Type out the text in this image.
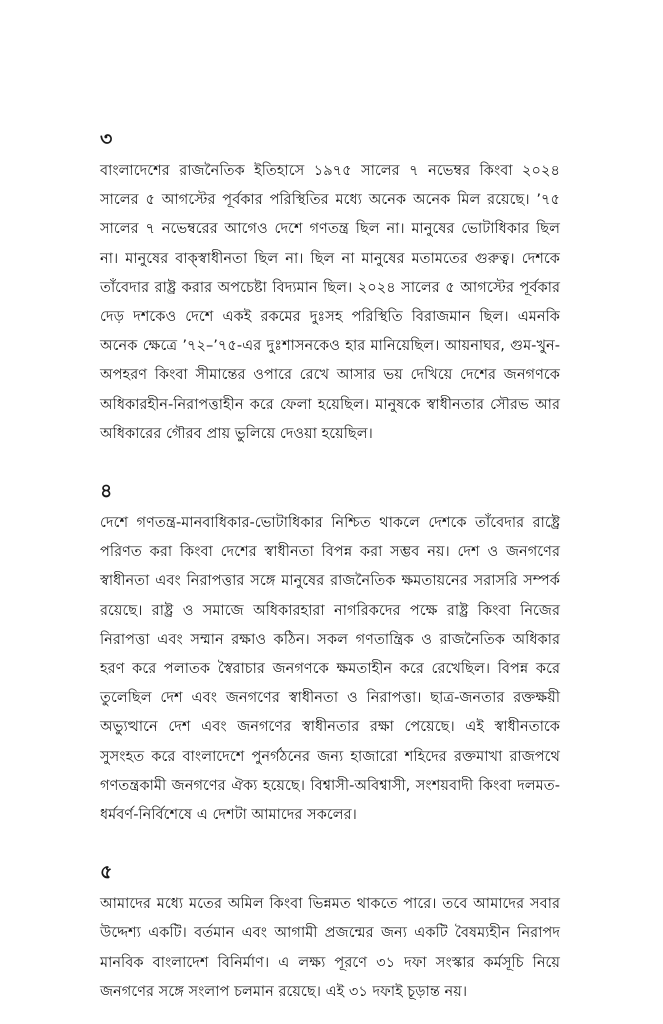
৩

বাংলাদেশের রাজনৈতিক ইতিহাসে ১৯৭৫ সালের ৭ নভেম্বর কিংবা ২০২৪ সালের ৫ আগস্টের পূর্বকার পরিস্থিতির মধ্যে অনেক অনেক মিল রয়েছে। ’৭৫ সালের ৭ নভেম্বরের আগেও দেশে গণতন্ত্র ছিল না। মানুষের ভোটাধিকার ছিল না। মানুষের বাক্‌স্বাধীনতা ছিল না। ছিল না মানুষের মতামতের গুরুত্ব। দেশকে তাঁবেদার রাষ্ট্র করার অপচেষ্টা বিদ্যমান ছিল। ২০২৪ সালের ৫ আগস্টের পূর্বকার দেড় দশকেও দেশে একই রকমের দুঃসহ পরিস্থিতি বিরাজমান ছিল। এমনকি অনেক ক্ষেত্রে ’৭২–’৭৫-এর দুঃশাসনকেও হার মানিয়েছিল। আয়নাঘর, গুম-খুন-অপহরণ কিংবা সীমান্তের ওপারে রেখে আসার ভয় দেখিয়ে দেশের জনগণকে অধিকারহীন-নিরাপত্তাহীন করে ফেলা হয়েছিল। মানুষকে স্বাধীনতার সৌরভ আর অধিকারের গৌরব প্রায় ভুলিয়ে দেওয়া হয়েছিল।

৪

দেশে গণতন্ত্র-মানবাধিকার-ভোটাধিকার নিশ্চিত থাকলে দেশকে তাঁবেদার রাষ্ট্রে পরিণত করা কিংবা দেশের স্বাধীনতা বিপন্ন করা সম্ভব নয়। দেশ ও জনগণের স্বাধীনতা এবং নিরাপত্তার সঙ্গে মানুষের রাজনৈতিক ক্ষমতায়নের সরাসরি সম্পর্ক রয়েছে। রাষ্ট্র ও সমাজে অধিকারহারা নাগরিকদের পক্ষে রাষ্ট্র কিংবা নিজের নিরাপত্তা এবং সম্মান রক্ষাও কঠিন। সকল গণতান্ত্রিক ও রাজনৈতিক অধিকার হরণ করে পলাতক স্বৈরাচার জনগণকে ক্ষমতাহীন করে রেখেছিল। বিপন্ন করে তুলেছিল দেশ এবং জনগণের স্বাধীনতা ও নিরাপত্তা। ছাত্র-জনতার রক্তক্ষয়ী অভ্যুত্থানে দেশ এবং জনগণের স্বাধীনতার রক্ষা পেয়েছে। এই স্বাধীনতাকে সুসংহত করে বাংলাদেশে পুনর্গঠনের জন্য হাজারো শহিদের রক্তমাখা রাজপথে গণতন্ত্রকামী জনগণের ঐক্য হয়েছে। বিশ্বাসী-অবিশ্বাসী, সংশয়বাদী কিংবা দলমত-ধর্মবর্ণ-নির্বিশেষে এ দেশটা আমাদের সকলের।

৫

আমাদের মধ্যে মতের অমিল কিংবা ভিন্নমত থাকতে পারে। তবে আমাদের সবার উদ্দেশ্য একটি। বর্তমান এবং আগামী প্রজন্মের জন্য একটি বৈষম্যহীন নিরাপদ মানবিক বাংলাদেশ বিনির্মাণ। এ লক্ষ্য পূরণে ৩১ দফা সংস্কার কর্মসূচি নিয়ে জনগণের সঙ্গে সংলাপ চলমান রয়েছে। এই ৩১ দফাই চূড়ান্ত নয়।
